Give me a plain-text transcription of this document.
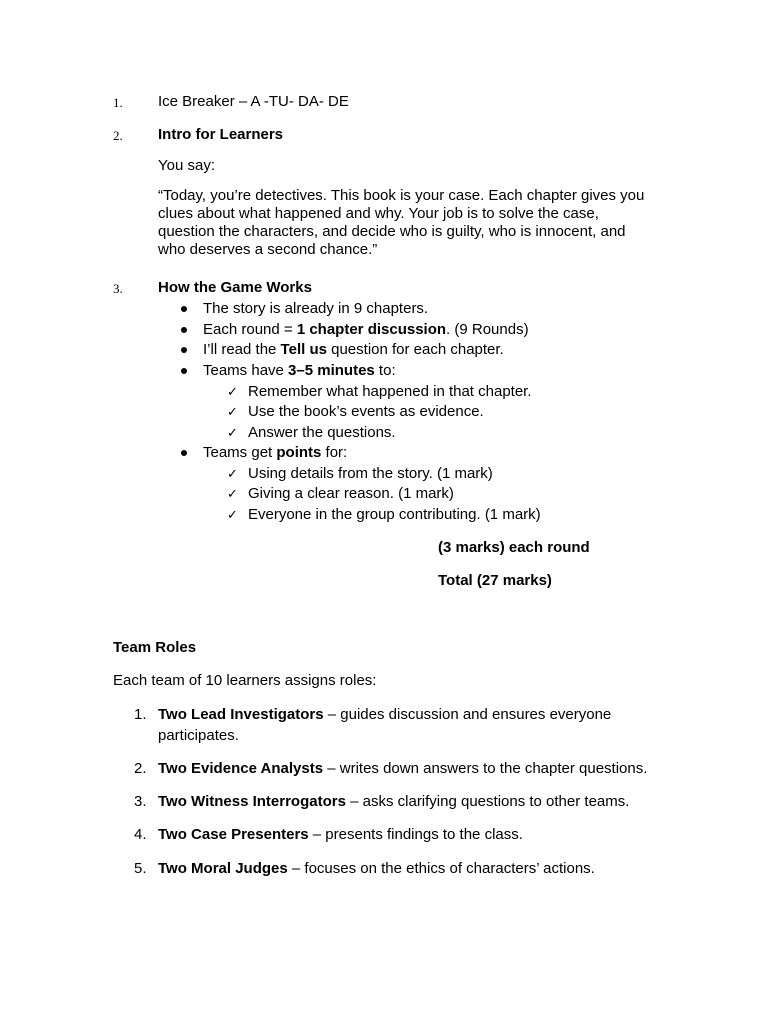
1. Ice Breaker – A -TU- DA- DE
2. Intro for Learners
You say:
“Today, you’re detectives. This book is your case. Each chapter gives you
clues about what happened and why. Your job is to solve the case,
question the characters, and decide who is guilty, who is innocent, and
who deserves a second chance.”
3. How the Game Works
The story is already in 9 chapters.
Each round = 1 chapter discussion. (9 Rounds)
I’ll read the Tell us question for each chapter.
Teams have 3–5 minutes to:
✓ Remember what happened in that chapter.
✓ Use the book’s events as evidence.
✓ Answer the questions.
Teams get points for:
✓ Using details from the story. (1 mark)
✓ Giving a clear reason. (1 mark)
✓ Everyone in the group contributing. (1 mark)
(3 marks) each round
Total (27 marks)
Team Roles
Each team of 10 learners assigns roles:
1. Two Lead Investigators – guides discussion and ensures everyone
participates.
2. Two Evidence Analysts – writes down answers to the chapter questions.
3. Two Witness Interrogators – asks clarifying questions to other teams.
4. Two Case Presenters – presents findings to the class.
5. Two Moral Judges – focuses on the ethics of characters’ actions.
